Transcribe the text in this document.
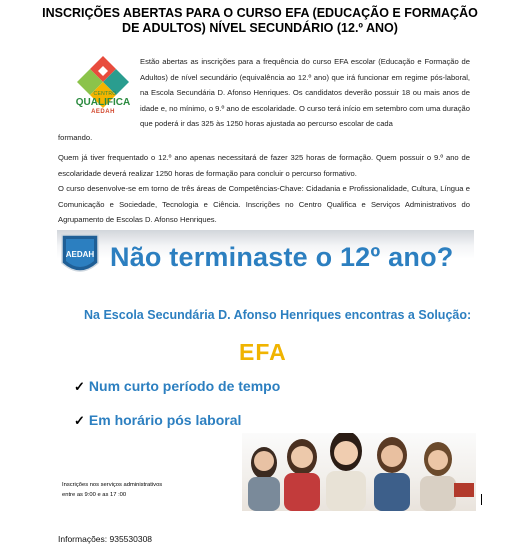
INSCRIÇÕES ABERTAS PARA O CURSO EFA (EDUCAÇÃO E FORMAÇÃO
DE ADULTOS) NÍVEL SECUNDÁRIO (12.º ANO)
CENTRO
QUALIFICA
AEDAH
Estão abertas as inscrições para a frequência do curso EFA escolar (Educação e Formação de Adultos) de nível secundário (equivalência ao 12.º ano) que irá funcionar em regime pós-laboral, na Escola Secundária D. Afonso Henriques. Os candidatos deverão possuir 18 ou mais anos de idade e, no mínimo, o 9.º ano de escolaridade. O curso terá início em setembro com uma duração que poderá ir das 325 às 1250 horas ajustada ao percurso escolar de cada
formando.
Quem já tiver frequentado o 12.º ano apenas necessitará de fazer 325 horas de formação. Quem possuir o 9.º ano de escolaridade deverá realizar 1250 horas de formação para concluir o percurso formativo.
O curso desenvolve-se em torno de três áreas de Competências-Chave: Cidadania e Profissionalidade, Cultura, Língua e Comunicação e Sociedade, Tecnologia e Ciência. Inscrições no Centro Qualifica e Serviços Administrativos do Agrupamento de Escolas D. Afonso Henriques.
AEDAH Não terminaste o 12º ano?
Na Escola Secundária D. Afonso Henriques encontras a Solução:
EFA
✓ Num curto período de tempo
✓ Em horário pós laboral
Inscrições nos serviços administrativos
entre as 9:00 e as 17 :00
Informações: 935530308
